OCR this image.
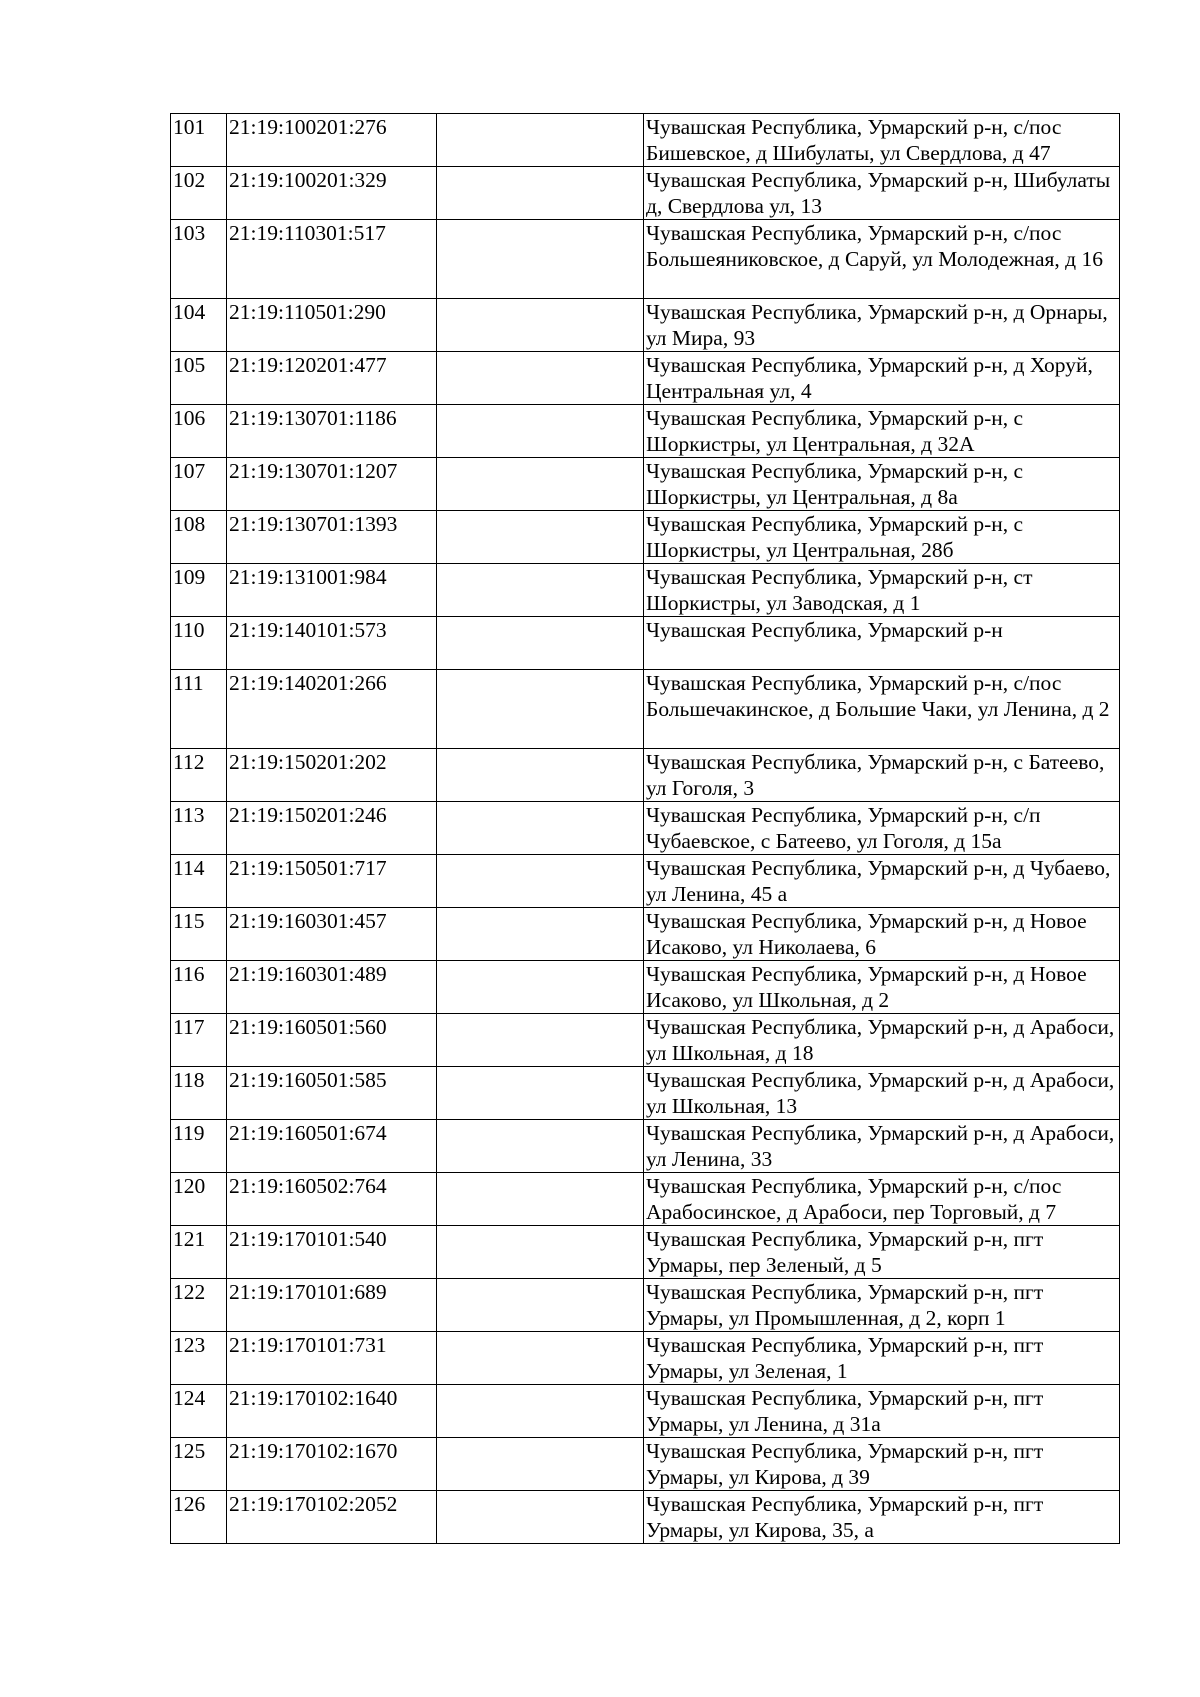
101	21:19:100201:276		Чувашская Республика, Урмарский р-н, с/пос Бишевское, д Шибулаты, ул Свердлова, д 47
102	21:19:100201:329		Чувашская Республика, Урмарский р-н, Шибулаты д, Свердлова ул, 13
103	21:19:110301:517		Чувашская Республика, Урмарский р-н, с/пос Большеяниковское, д Саруй, ул Молодежная, д 16
104	21:19:110501:290		Чувашская Республика, Урмарский р-н, д Орнары, ул Мира, 93
105	21:19:120201:477		Чувашская Республика, Урмарский р-н, д Хоруй, Центральная ул, 4
106	21:19:130701:1186		Чувашская Республика, Урмарский р-н, с Шоркистры, ул Центральная, д 32А
107	21:19:130701:1207		Чувашская Республика, Урмарский р-н, с Шоркистры, ул Центральная, д 8а
108	21:19:130701:1393		Чувашская Республика, Урмарский р-н, с Шоркистры, ул Центральная, 28б
109	21:19:131001:984		Чувашская Республика, Урмарский р-н, ст Шоркистры, ул Заводская, д 1
110	21:19:140101:573		Чувашская Республика, Урмарский р-н
111	21:19:140201:266		Чувашская Республика, Урмарский р-н, с/пос Большечакинское, д Большие Чаки, ул Ленина, д 2
112	21:19:150201:202		Чувашская Республика, Урмарский р-н, с Батеево, ул Гоголя, 3
113	21:19:150201:246		Чувашская Республика, Урмарский р-н, с/п Чубаевское, с Батеево, ул Гоголя, д 15а
114	21:19:150501:717		Чувашская Республика, Урмарский р-н, д Чубаево, ул Ленина, 45 а
115	21:19:160301:457		Чувашская Республика, Урмарский р-н, д Новое Исаково, ул Николаева, 6
116	21:19:160301:489		Чувашская Республика, Урмарский р-н, д Новое Исаково, ул Школьная, д 2
117	21:19:160501:560		Чувашская Республика, Урмарский р-н, д Арабоси, ул Школьная, д 18
118	21:19:160501:585		Чувашская Республика, Урмарский р-н, д Арабоси, ул Школьная, 13
119	21:19:160501:674		Чувашская Республика, Урмарский р-н, д Арабоси, ул Ленина, 33
120	21:19:160502:764		Чувашская Республика, Урмарский р-н, с/пос Арабосинское, д Арабоси, пер Торговый, д 7
121	21:19:170101:540		Чувашская Республика, Урмарский р-н, пгт Урмары, пер Зеленый, д 5
122	21:19:170101:689		Чувашская Республика, Урмарский р-н, пгт Урмары, ул Промышленная, д 2, корп 1
123	21:19:170101:731		Чувашская Республика, Урмарский р-н, пгт Урмары, ул Зеленая, 1
124	21:19:170102:1640		Чувашская Республика, Урмарский р-н, пгт Урмары, ул Ленина, д 31а
125	21:19:170102:1670		Чувашская Республика, Урмарский р-н, пгт Урмары, ул Кирова, д 39
126	21:19:170102:2052		Чувашская Республика, Урмарский р-н, пгт Урмары, ул Кирова, 35, а
